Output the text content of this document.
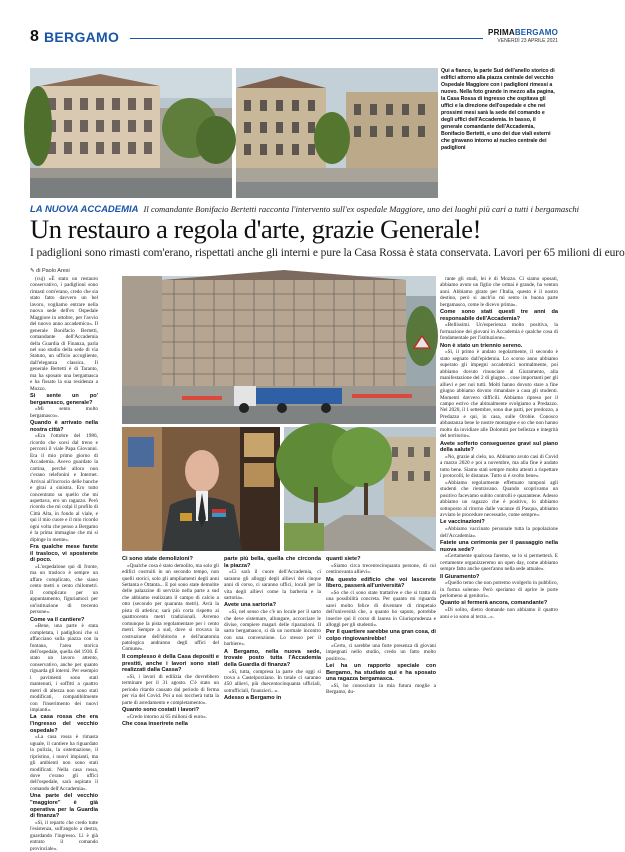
8 BERGAMO	PRIMABERGAMO
VENERDÌ 23 APRILE 2021
Qui a fianco, la parte Sud dell'anello storico di edifici attorno alla piazza centrale del vecchio Ospedale Maggiore con i padiglioni rimessi a nuovo. Nella foto grande in mezzo alla pagina, la Casa Rossa di ingresso che ospitava gli uffici e la direzione dell'ospedale e che nei prossimi mesi sarà la sede del comando e degli uffici dell'Accademia. In basso, il generale comandante dell'Accademia, Bonifacio Bertetti, e uno dei due viali esterni che giravano intorno al nucleo centrale dei padiglioni
LA NUOVA ACCADEMIA Il comandante Bonifacio Bertetti racconta l'intervento sull'ex ospedale Maggiore, uno dei luoghi più cari a tutti i bergamaschi
Un restauro a regola d'arte, grazie Generale!
I padiglioni sono rimasti com'erano, rispettati anche gli interni e pure la Casa Rossa è stata conservata. Lavori per 65 milioni di euro
✎ di Paolo Aresi

(cuj) «È stato un restauro conservativo, i padiglioni sono rimasti com'erano, credo che sia stato fatto davvero un bel lavoro, vogliamo entrare nella nuova sede dell'ex Ospedale Maggiore in ottobre, per l'avvio del nuovo anno accademico». Il generale Bonifacio Bertetti, comandante dell'Accademia della Guardia di Finanza, parla nel suo studio della sede di via Statuto, un ufficio accogliente, dall'eleganza classica. Il generale Bertetti è di Taranto, ma ha sposato una bergamasca e ha fissato la sua residenza a Mozzo.

Si sente un po' bergamasco, generale?

«Mi sento molto bergamasco».

Quando è arrivato nella nostra città?

«Era l'ottobre del 1986, ricordo che scesi dal treno e percorsi il viale Papa Giovanni. Era il mio primo giorno di Accademia. Avevo guardato la cartina, perché allora non c'erano telefonini e Internet. Arrivai all'incrocio delle banche e girai a sinistra. Ero tutto concentrato su quello che mi aspettava, ero un ragazzo. Però ricordo che mi colpì il profilo di Città Alta, in fondo al viale, e qui il mio cuore e il mio ricordo ogni volta che penso a Bergamo è la prima immagine che mi si dipinge in mente».

Fra qualche mese farete il trasloco, vi sposterete di poco.

«L'ospedalone qui di fronte, ma un trasloco è sempre un affare complicato, che siano cento metri o cento chilometri. Il complicato per un appuntamento, figuriamoci per un'istituzione di trecento persone».

Come va il cantiere?

«Bene, una parte è stata completata, i padiglioni che si affacciano sulla piazza con la fontana, l'area storica dell'ospedale, quella del 1930. È stato un lavoro attento, conservativo, anche per quanto riguarda gli interni. Per esempio i pavimenti sono stati mantenuti, i soffitti a quattro metri di altezza non sono stati modificati, compatibilmente con l'inserimento dei nuovi impianti».

La casa rossa che era l'ingresso del vecchio ospedale?

«La casa rossa è rimasta uguale, il cantiere ha riguardato la pulizia, la sistemazione, il ripristino, i nuovi impianti, ma gli ambienti non sono stati modificati. Nella casa rossa, dove c'erano gli uffici dell'ospedale, sarà ospitato il comando dell'Accademia».

Una parte del vecchio "maggiore" è già operativa per la Guardia di finanza?

«Sì, il reparto che credo tutte l'esistenza, sull'angolo a destra, guardando l'ingresso. Lì è già entrato il comando provinciale».

Ci sono state demolizioni?

«Qualche cosa è stato demolito, ma solo gli edifici costruiti in un secondo tempo, non quelli storici, solo gli ampliamenti degli anni Settanta e Ottanta... E poi sono state demolite delle palazzine di servizio nella parte a sud che abbiamo realizzato il campo di calcio a otto (secondo per quaranta metri). Avrà la pista di atletica; sarà più corta rispetto ai quattrocento metri tradizionali. Avremo comunque la pista regolamentare per i cento metri. Sempre a sud, dove si trovava la costruzione dell'obitorio e dell'anatomia patologica andranno degli uffici del Comune».

Il complesso è della Casa depositi e prestiti, anche i lavori sono stati realizzati dalla Cassa?

«Sì, i lavori di edilizia che dovrebbero terminare per il 31 agosto. C'è stato un periodo ritardo causato dal periodo di ferma per via del Covid. Poi a noi toccherà tutta la parte di arredamento e completamento».

Quanto sono costati i lavori?

«Credo intorno ai 65 milioni di euro».

Che cosa inserirete nella

parte più bella, quella che circonda la piazza?

«Ci sarà il cuore dell'Accademia, ci saranno gli alloggi degli allievi dei cinque anni di corso, ci saranno uffici, locali per la vita degli allievi come la barberia e la sartoria».

Avete una sartoria?

«Sì, nel senso che c'è un locale per il sarto che deve sistemare, allungare, accorciare le divise, compiere magari delle riparazioni. Il sarto bergamasco, si dà un normale incontro con una convenzione. Lo stesso per il barbiere».

A Bergamo, nella nuova sede, trovate posto tutta l'Accademia della Guardia di finanza?

«Sì, tutta, compresa la parte che oggi si trova a Castelporziano. In totale ci saranno 450 allievi, più duecentocinquanta ufficiali, sottufficiali, finanzieri...».

Adesso a Bergamo in

quanti siete?

«Siamo circa trecentocinquanta persone, di cui centinovanta allievi».

Ma questo edificio che voi lascerete libero, passerà all'università?

«So che ci sono state trattative e che si tratta di una possibilità concreta. Per quanto mi riguarda sarei molto felice di diventare di rimpetaio dell'università che, a quanto ho saputo, potrebbe inserire qui il corso di laurea in Giurisprudenza e alloggi per gli studenti».

Per il quartiere sarebbe una gran cosa, di colpo ringiovanirebbe!

«Certo, ci sarebbe una forte presenza di giovani impegnati nello studio, credo un fatto molto positivo».

Lei ha un rapporto speciale con Bergamo, ha studiato qui e ha sposato una ragazza bergamasca.

«Sì, ho conosciuto la mia futura moglie a Bergamo, du-

rante gli studi, lei è di Mozzo. Ci siamo sposati, abbiamo avuto un figlio che ormai è grande, ha ventun anni. Abbiamo girato per l'Italia, questo è il nostro destino, però si anch'io mi sento in buona parte bergamasco, come le dicevo prima».

Come sono stati questi tre anni da responsabile dell'Accademia?

«Bellissimi. Un'esperienza molto positiva, la formazione dei giovani in Accademia è qualche cosa di fondamentale per l'istituzione».

Non è stato un triennio sereno.

«Sì, il primo è andato regolarmente, il secondo è stato segnato dall'epidemia. Lo scorso anno abbiamo superato gli impegni accademici normalmente, poi abbiamo dovuto rinunciare al Giuramento, alla manifestazione del 2 di giugno... cose importanti per gli allievi e per noi tutti. Molti hanno dovuto stare a fine giugno abbiamo dovuto rimandare a casa gli studenti. Momenti davvero difficili. Abbiamo ripreso per il campo estivo che abitualmente svolgiamo a Predazzo. Nel 2020, il 1 settembre, sono due parti, per predozzo, a Predazzo e qui, in casa, sulle Orobie. Conosco abbastanza bene le nostre montagne e so che non hanno molto da invidiare alle Dolomiti per bellezza e integrità del territorio».

Avete sofferto conseguenze gravi sul piano della salute?

«No, grazie al cielo, no. Abbiamo avuto casi di Covid a marzo 2020 e poi a novembre, ma alla fine è andato tutto bene. Siamo stati sempre molto attenti a rispettare i protocolli, le distanze. Tutto si è svolto bene».

«Abbiamo regolarmente effettuato tamponi agli studenti che rientravano. Quando scoprivamo un positivo facevamo subito controlli e quarantene. Adesso abbiamo un ragazzo che è positivo, lo abbiamo sottoposto al ritorno dalle vacanze di Pasqua, abbiamo avviato le procedure necessarie, come sempre».

Le vaccinazioni?

«Abbiamo vaccinato personale tutta la popolazione dell'Accademia».

Fatete una cerimonia per il passaggio nella nuova sede?

«Certamente qualcosa faremo, se lo si permetterà. E certamente organizzeremo un open day, come abbiamo sempre fatto anche quest'anno nella sede attuale».

Il Giuramento?

«Quello temo che non potremo svolgerlo in pubblico, in forma solenne. Però speriamo di aprire le porte perlomeno ai genitori».

Quanto si fermerà ancora, comandante?

«Di solito, dietro domande non abbiamo il quattro anni e io sono al terzo...».
